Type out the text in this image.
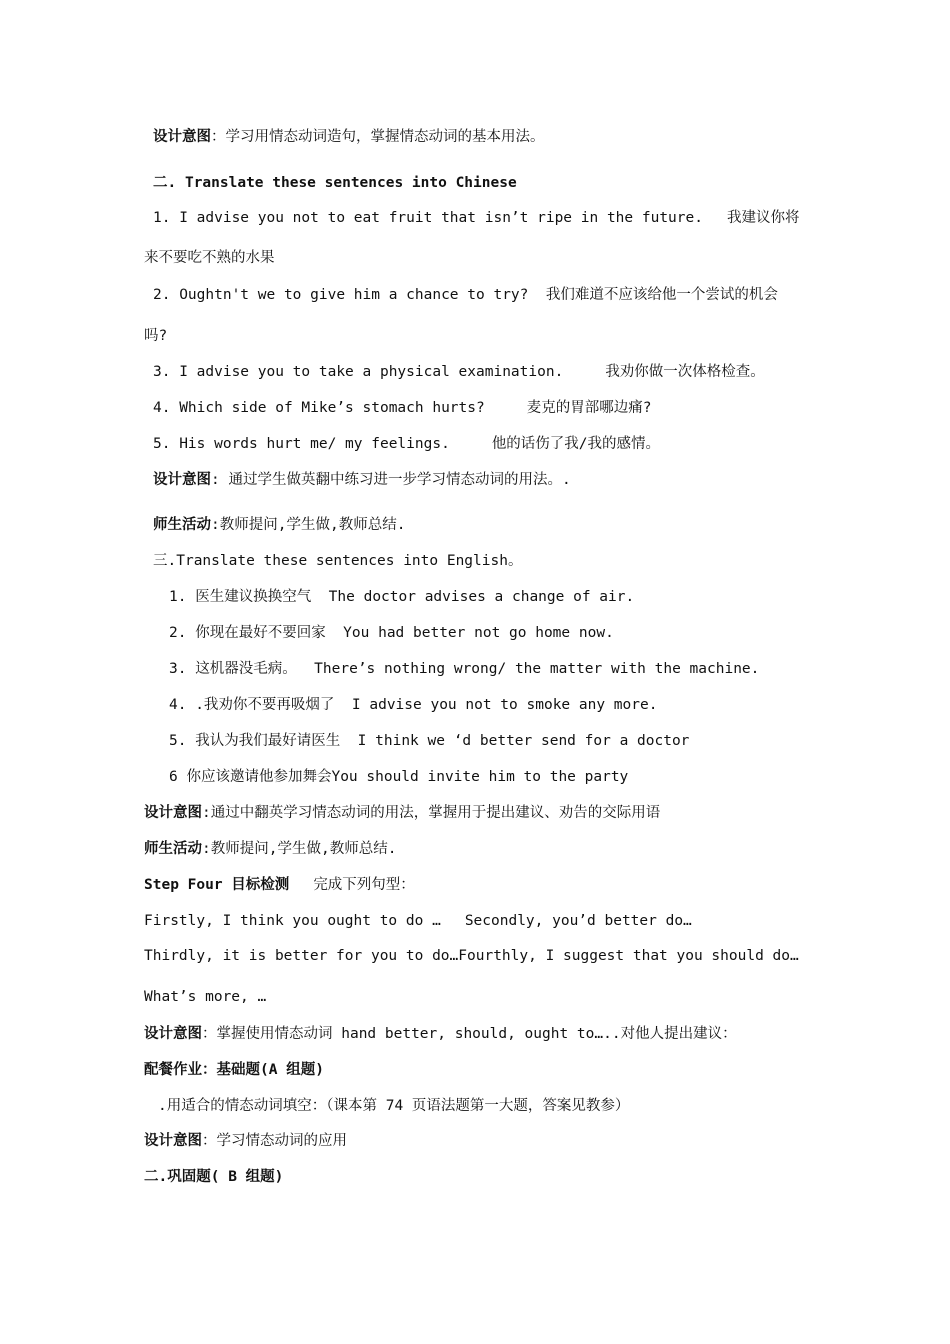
设计意图：学习用情态动词造句，掌握情态动词的基本用法。
二. Translate these sentences into Chinese
1. I advise you not to eat fruit that isn’t ripe in the future. 我建议你将
来不要吃不熟的水果
2. Oughtn't we to give him a chance to try? 我们难道不应该给他一个尝试的机会
吗?
3. I advise you to take a physical examination.	我劝你做一次体格检查。
4. Which side of Mike’s stomach hurts?	麦克的胃部哪边痛?
5. His words hurt me/ my feelings.	他的话伤了我/我的感情。
设计意图: 通过学生做英翻中练习进一步学习情态动词的用法。.
师生活动:教师提问,学生做,教师总结.
三.Translate these sentences into English。
1. 医生建议换换空气 The doctor advises a change of air.
2. 你现在最好不要回家 You had better not go home now.
3. 这机器没毛病。 There’s nothing wrong/ the matter with the machine.
4. .我劝你不要再吸烟了 I advise you not to smoke any more.
5. 我认为我们最好请医生 I think we ‘d better send for a doctor
6 你应该邀请他参加舞会You should invite him to the party
设计意图:通过中翻英学习情态动词的用法，掌握用于提出建议、劝告的交际用语
师生活动:教师提问,学生做,教师总结.
Step Four 目标检测 完成下列句型：
Firstly, I think you ought to do … Secondly, you’d better do…
Thirdly, it is better for you to do…Fourthly, I suggest that you should do…
What’s more, …
设计意图：掌握使用情态动词 hand better, should, ought to…..对他人提出建议：
配餐作业：基础题(A 组题)
.用适合的情态动词填空：（课本第 74 页语法题第一大题，答案见教参）
设计意图：学习情态动词的应用
二.巩固题( B 组题)
